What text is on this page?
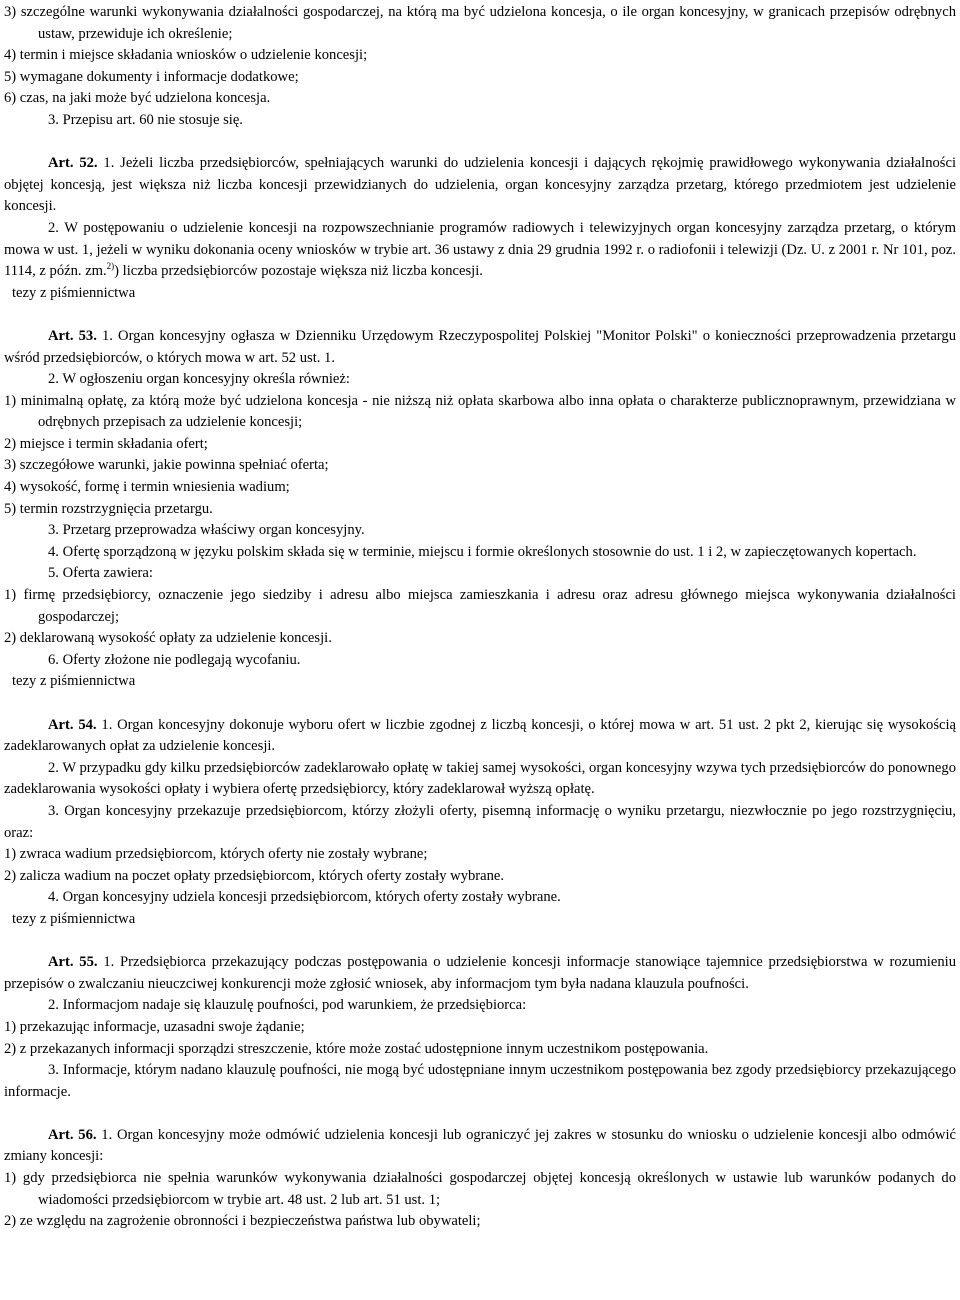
3) szczególne warunki wykonywania działalności gospodarczej, na którą ma być udzielona koncesja, o ile organ koncesyjny, w granicach przepisów odrębnych ustaw, przewiduje ich określenie;

4) termin i miejsce składania wniosków o udzielenie koncesji;

5) wymagane dokumenty i informacje dodatkowe;

6) czas, na jaki może być udzielona koncesja.

3. Przepisu art. 60 nie stosuje się.

Art. 52. 1. Jeżeli liczba przedsiębiorców, spełniających warunki do udzielenia koncesji i dających rękojmię prawidłowego wykonywania działalności objętej koncesją, jest większa niż liczba koncesji przewidzianych do udzielenia, organ koncesyjny zarządza przetarg, którego przedmiotem jest udzielenie koncesji.

2. W postępowaniu o udzielenie koncesji na rozpowszechnianie programów radiowych i telewizyjnych organ koncesyjny zarządza przetarg, o którym mowa w ust. 1, jeżeli w wyniku dokonania oceny wniosków w trybie art. 36 ustawy z dnia 29 grudnia 1992 r. o radiofonii i telewizji (Dz. U. z 2001 r. Nr 101, poz. 1114, z późn. zm.$^{2)}$) liczba przedsiębiorców pozostaje większa niż liczba koncesji.

tezy z piśmiennictwa

Art. 53. 1. Organ koncesyjny ogłasza w Dzienniku Urzędowym Rzeczypospolitej Polskiej "Monitor Polski" o konieczności przeprowadzenia przetargu wśród przedsiębiorców, o których mowa w art. 52 ust. 1.

2. W ogłoszeniu organ koncesyjny określa również:

1) minimalną opłatę, za którą może być udzielona koncesja - nie niższą niż opłata skarbowa albo inna opłata o charakterze publicznoprawnym, przewidziana w odrębnych przepisach za udzielenie koncesji;

2) miejsce i termin składania ofert;

3) szczegółowe warunki, jakie powinna spełniać oferta;

4) wysokość, formę i termin wniesienia wadium;

5) termin rozstrzygnięcia przetargu.

3. Przetarg przeprowadza właściwy organ koncesyjny.

4. Ofertę sporządzoną w języku polskim składa się w terminie, miejscu i formie określonych stosownie do ust. 1 i 2, w zapieczętowanych kopertach.

5. Oferta zawiera:

1) firmę przedsiębiorcy, oznaczenie jego siedziby i adresu albo miejsca zamieszkania i adresu oraz adresu głównego miejsca wykonywania działalności gospodarczej;

2) deklarowaną wysokość opłaty za udzielenie koncesji.

6. Oferty złożone nie podlegają wycofaniu.

tezy z piśmiennictwa

Art. 54. 1. Organ koncesyjny dokonuje wyboru ofert w liczbie zgodnej z liczbą koncesji, o której mowa w art. 51 ust. 2 pkt 2, kierując się wysokością zadeklarowanych opłat za udzielenie koncesji.

2. W przypadku gdy kilku przedsiębiorców zadeklarowało opłatę w takiej samej wysokości, organ koncesyjny wzywa tych przedsiębiorców do ponownego zadeklarowania wysokości opłaty i wybiera ofertę przedsiębiorcy, który zadeklarował wyższą opłatę.

3. Organ koncesyjny przekazuje przedsiębiorcom, którzy złożyli oferty, pisemną informację o wyniku przetargu, niezwłocznie po jego rozstrzygnięciu, oraz:

1) zwraca wadium przedsiębiorcom, których oferty nie zostały wybrane;

2) zalicza wadium na poczet opłaty przedsiębiorcom, których oferty zostały wybrane.

4. Organ koncesyjny udziela koncesji przedsiębiorcom, których oferty zostały wybrane.

tezy z piśmiennictwa

Art. 55. 1. Przedsiębiorca przekazujący podczas postępowania o udzielenie koncesji informacje stanowiące tajemnice przedsiębiorstwa w rozumieniu przepisów o zwalczaniu nieuczciwej konkurencji może zgłosić wniosek, aby informacjom tym była nadana klauzula poufności.

2. Informacjom nadaje się klauzulę poufności, pod warunkiem, że przedsiębiorca:

1) przekazując informacje, uzasadni swoje żądanie;

2) z przekazanych informacji sporządzi streszczenie, które może zostać udostępnione innym uczestnikom postępowania.

3. Informacje, którym nadano klauzulę poufności, nie mogą być udostępniane innym uczestnikom postępowania bez zgody przedsiębiorcy przekazującego informacje.

Art. 56. 1. Organ koncesyjny może odmówić udzielenia koncesji lub ograniczyć jej zakres w stosunku do wniosku o udzielenie koncesji albo odmówić zmiany koncesji:

1) gdy przedsiębiorca nie spełnia warunków wykonywania działalności gospodarczej objętej koncesją określonych w ustawie lub warunków podanych do wiadomości przedsiębiorcom w trybie art. 48 ust. 2 lub art. 51 ust. 1;

2) ze względu na zagrożenie obronności i bezpieczeństwa państwa lub obywateli;
